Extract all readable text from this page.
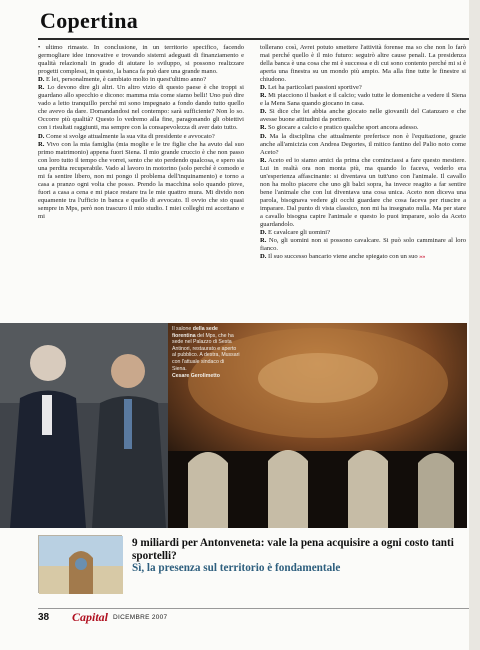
Copertina

• ultimo rimaste. In conclusione, in un territorio specifico, facendo germogliare idee innovative e trovando sistemi adeguati di finanziamento e qualità relazionali in grado di aiutare lo sviluppo, si possono realizzare progetti complessi, in questo, la banca fa può dare una grande mano.

D. E lei, personalmente, è cambiato molto in quest'ultimo anno?

R. Lo devono dire gli altri. Un altro vizio di questo paese è che troppi si guardano allo specchio e dicono: mamma mia come siamo belli! Uno può dire vado a letto tranquillo perché mi sono impegnato a fondo dando tutto quello che avevo da dare. Domandandosi nel contempo: sarà sufficiente? Non lo so. Occorre più qualità? Questo lo vedremo alla fine, paragonando gli obiettivi con i risultati raggiunti, ma sempre con la consapevolezza di aver dato tutto.

D. Come si svolge attualmente la sua vita di presidente e avvocato?

R. Vivo con la mia famiglia (mia moglie e le tre figlie che ha avuto dal suo primo matrimonio) appena fuori Siena. Il mio grande cruccio è che non passo con loro tutto il tempo che vorrei, sento che sto perdendo qualcosa, e spero sia una perdita recuperabile. Vado al lavoro in motorino (solo perché è comodo e mi fa sentire libero, non mi pongo il problema dell'inquinamento) e torno a casa a pranzo ogni volta che posso. Prendo la macchina solo quando piove, fuori a casa a cena e mi piace restare tra le mie quattro mura. Mi divido non equamente tra l'ufficio in banca e quello di avvocato. Il ovvio che sto quasi sempre in Mps, però non trascuro il mio studio. I miei colleghi mi accettano e mi

tollerano così, Avrei potuto smettere l'attività forense ma so che non lo farò mai perché quello è il mio futuro: seguirò altre cause penali. La presidenza della banca è una cosa che mi è successa e di cui sono contento perché mi si è aperta una finestra su un mondo più ampio. Ma alla fine tutte le finestre si chiudono.

D. Lei ha particolari passioni sportive?

R. Mi piacciono il basket e il calcio; vado tutte le domeniche a vedere il Siena e la Mens Sana quando giocano in casa.

D. Si dice che lei abbia anche giocato nelle giovanili del Catanzaro e che avesse buone attitudini da portiere.

R. So giocare a calcio e pratico qualche sport ancora adesso.

D. Ma la disciplina che attualmente preferisce non è l'equitazione, grazie anche all'amicizia con Andrea Degortes, il mitico fantino del Palio noto come Aceto?

R. Aceto ed io siamo amici da prima che cominciassi a fare questo mestiere. Lui in realtà ora non monta più, ma quando lo faceva, vederlo era un'esperienza affascinante: si diventava un tutt'uno con l'animale. Il cavallo non ha molto piacere che uno gli balzi sopra, ha invece reagito a far sentire bene l'animale che con lui diventava una cosa unica. Aceto non diceva una parola, bisognava vedere gli occhi guardare che cosa faceva per riuscire a imparare. Dal punto di vista classico, non mi ha insegnato nulla. Ma per stare a cavallo bisogna capire l'animale e questo lo puoi imparare, solo da Aceto guardandolo.

D. E cavalcare gli uomini?

R. No, gli uomini non si possono cavalcare. Si può solo camminare al loro fianco.

D. Il suo successo bancario viene anche spiegato con un suo »»

Il salone della sede fiorentina del Mps, che ha sede nel Palazzo di Sesta Antinori, restaurato e aperto al pubblico. A destra, Mussari con l'attuale sindaco di Siena.
Cesare Gerolimetto
9 miliardi per Antonveneta: vale la pena acquisire a ogni costo tanti sportelli?
Sì, la presenza sul territorio è fondamentale
38 Capital DICEMBRE 2007
